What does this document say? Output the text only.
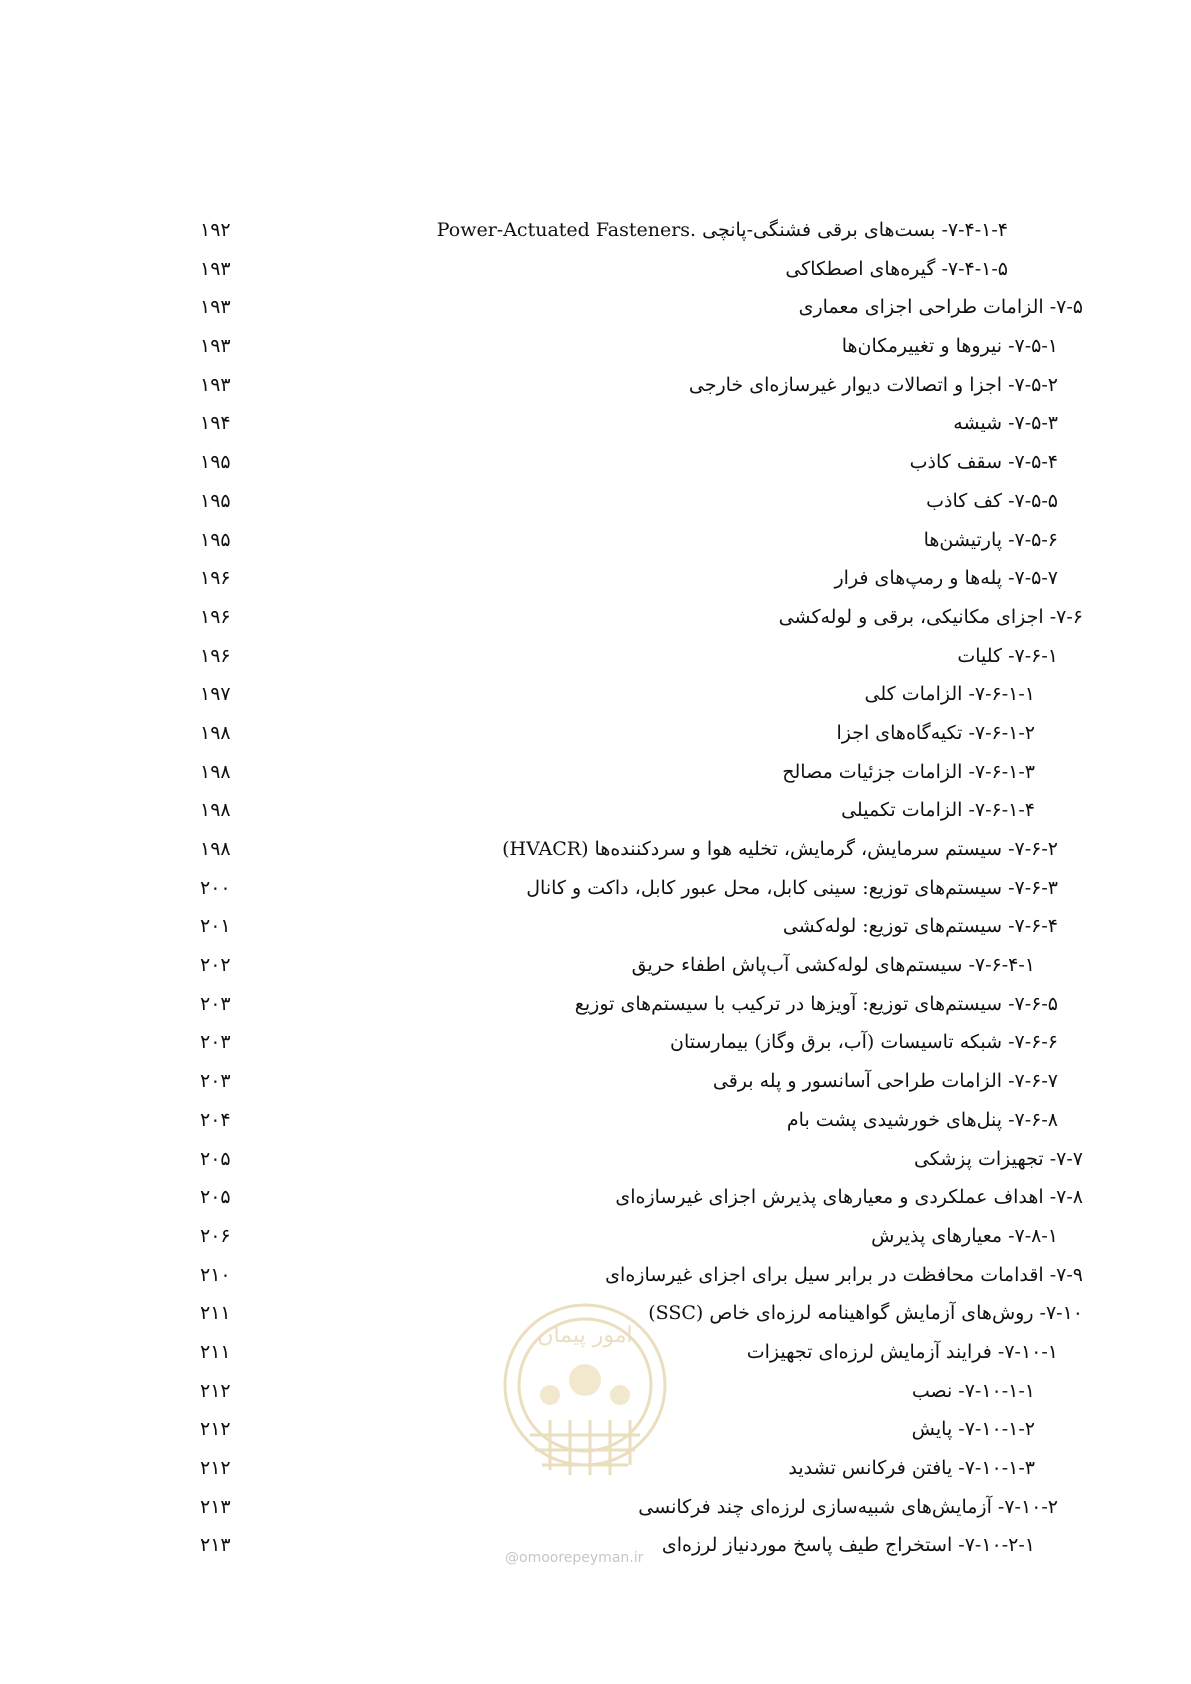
۷-۴-۱-۴- بست‌های برقی فشنگی-پانچی .Power-Actuated Fasteners
۱۹۲
۷-۴-۱-۵- گیره‌های اصطکاکی
۱۹۳
۷-۵- الزامات طراحی اجزای معماری
۱۹۳
۷-۵-۱- نیروها و تغییرمکان‌ها
۱۹۳
۷-۵-۲- اجزا و اتصالات دیوار غیرسازه‌ای خارجی
۱۹۳
۷-۵-۳- شیشه
۱۹۴
۷-۵-۴- سقف کاذب
۱۹۵
۷-۵-۵- کف کاذب
۱۹۵
۷-۵-۶- پارتیشن‌ها
۱۹۵
۷-۵-۷- پله‌ها و رمپ‌های فرار
۱۹۶
۷-۶- اجزای مکانیکی، برقی و لوله‌کشی
۱۹۶
۷-۶-۱- کلیات
۱۹۶
۷-۶-۱-۱- الزامات کلی
۱۹۷
۷-۶-۱-۲- تکیه‌گاه‌های اجزا
۱۹۸
۷-۶-۱-۳- الزامات جزئیات مصالح
۱۹۸
۷-۶-۱-۴- الزامات تکمیلی
۱۹۸
۷-۶-۲- سیستم سرمایش، گرمایش، تخلیه هوا و سردکننده‌ها (HVACR)
۱۹۸
۷-۶-۳- سیستم‌های توزیع: سینی کابل، محل عبور کابل، داکت و کانال
۲۰۰
۷-۶-۴- سیستم‌های توزیع: لوله‌کشی
۲۰۱
۷-۶-۴-۱- سیستم‌های لوله‌کشی آب‌پاش اطفاء حریق
۲۰۲
۷-۶-۵- سیستم‌های توزیع: آویزها در ترکیب با سیستم‌های توزیع
۲۰۳
۷-۶-۶- شبکه تاسیسات (آب، برق وگاز) بیمارستان
۲۰۳
۷-۶-۷- الزامات طراحی آسانسور و پله برقی
۲۰۳
۷-۶-۸- پنل‌های خورشیدی پشت بام
۲۰۴
۷-۷- تجهیزات پزشکی
۲۰۵
۷-۸- اهداف عملکردی و معیارهای پذیرش اجزای غیرسازه‌ای
۲۰۵
۷-۸-۱- معیارهای پذیرش
۲۰۶
۷-۹- اقدامات محافظت در برابر سیل برای اجزای غیرسازه‌ای
۲۱۰
۷-۱۰- روش‌های آزمایش گواهینامه لرزه‌ای خاص (SSC)
۲۱۱
۷-۱۰-۱- فرایند آزمایش لرزه‌ای تجهیزات
۲۱۱
۷-۱۰-۱-۱- نصب
۲۱۲
۷-۱۰-۱-۲- پایش
۲۱۲
۷-۱۰-۱-۳- یافتن فرکانس تشدید
۲۱۲
۷-۱۰-۲- آزمایش‌های شبیه‌سازی لرزه‌ای چند فرکانسی
۲۱۳
۷-۱۰-۲-۱- استخراج طیف پاسخ موردنیاز لرزه‌ای
۲۱۳
امور پیمان
@omoorepeyman.ir
